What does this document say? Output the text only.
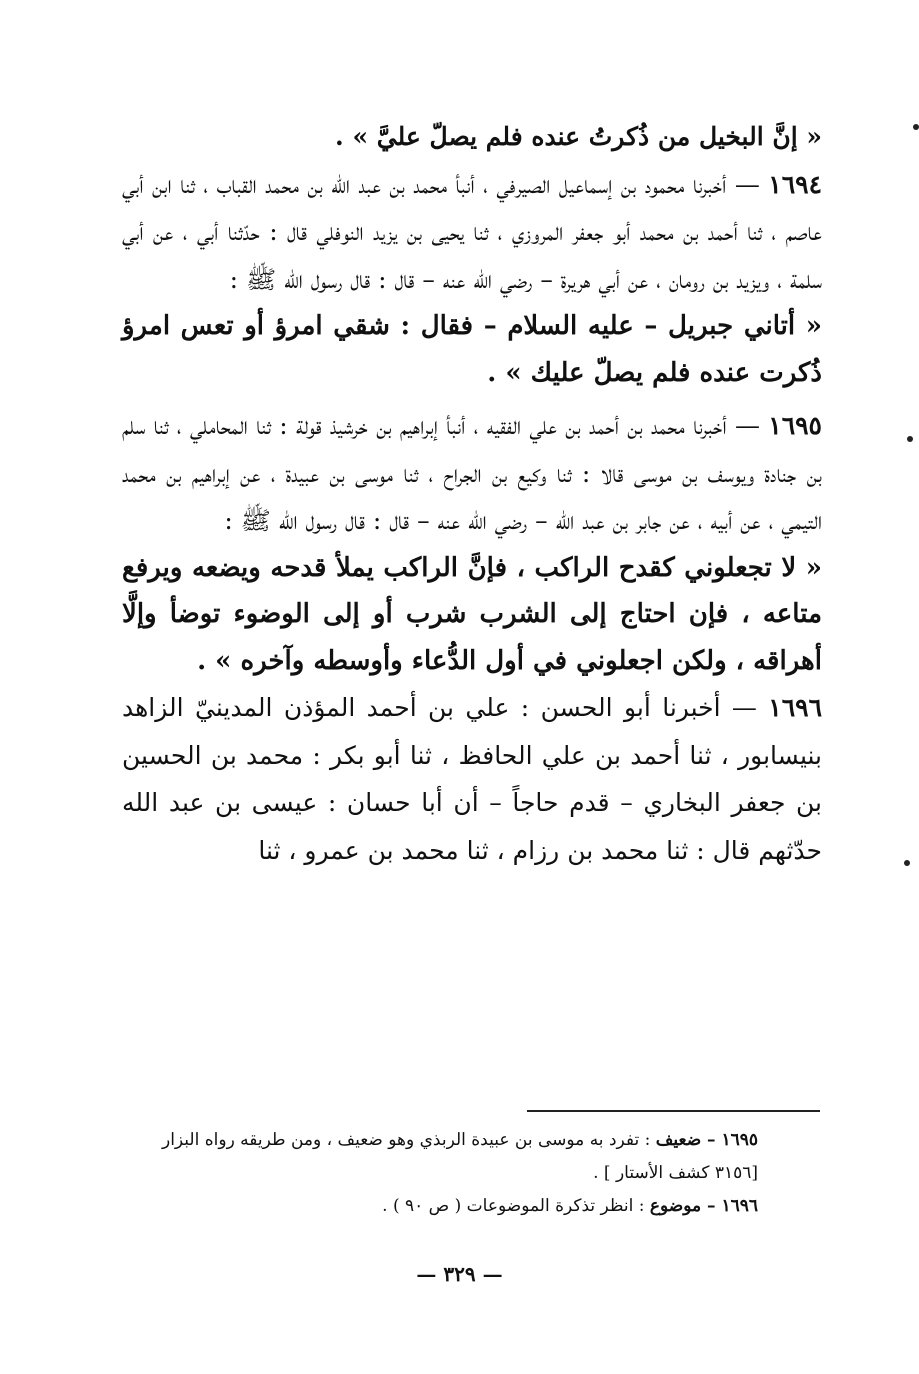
« إنَّ البخيل من ذُكرتُ عنده فلم يصلّ عليَّ » .

١٦٩٤ — أخبرنا محمود بن إسماعيل الصيرفي ، أنبأ محمد بن عبد الله بن محمد القباب ، ثنا ابن أبي عاصم ، ثنا أحمد بن محمد أبو جعفر المروزي ، ثنا يحيى بن يزيد النوفلي قال : حدّثنا أبي ، عن أبي سلمة ، ويزيد بن رومان ، عن أبي هريرة – رضي الله عنه – قال : قال رسول الله ﷺ :

« أتاني جبريل – عليه السلام – فقال : شقي امرؤ أو تعس امرؤ ذُكرت عنده فلم يصلّ عليك » .

١٦٩٥ — أخبرنا محمد بن أحمد بن علي الفقيه ، أنبأ إبراهيم بن خرشيذ قولة : ثنا المحاملي ، ثنا سلم بن جنادة ويوسف بن موسى قالا : ثنا وكيع بن الجراح ، ثنا موسى بن عبيدة ، عن إبراهيم بن محمد التيمي ، عن أبيه ، عن جابر بن عبد الله – رضي الله عنه – قال : قال رسول الله ﷺ :

« لا تجعلوني كقدح الراكب ، فإنَّ الراكب يملأ قدحه ويضعه ويرفع متاعه ، فإن احتاج إلى الشرب شرب أو إلى الوضوء توضأ وإلَّا أهراقه ، ولكن اجعلوني في أول الدُّعاء وأوسطه وآخره » .

١٦٩٦ — أخبرنا أبو الحسن : علي بن أحمد المؤذن المدينيّ الزاهد بنيسابور ، ثنا أحمد بن علي الحافظ ، ثنا أبو بكر : محمد بن الحسين بن جعفر البخاري – قدم حاجاً – أن أبا حسان : عيسى بن عبد الله حدّثهم قال : ثنا محمد بن رزام ، ثنا محمد بن عمرو ، ثنا

١٦٩٥ – ضعيف : تفرد به موسى بن عبيدة الربذي وهو ضعيف ، ومن طريقه رواه البزار

[٣١٥٦ كشف الأستار ] .

١٦٩٦ – موضوع : انظر تذكرة الموضوعات ( ص ٩٠ ) .

— ٣٢٩ —
